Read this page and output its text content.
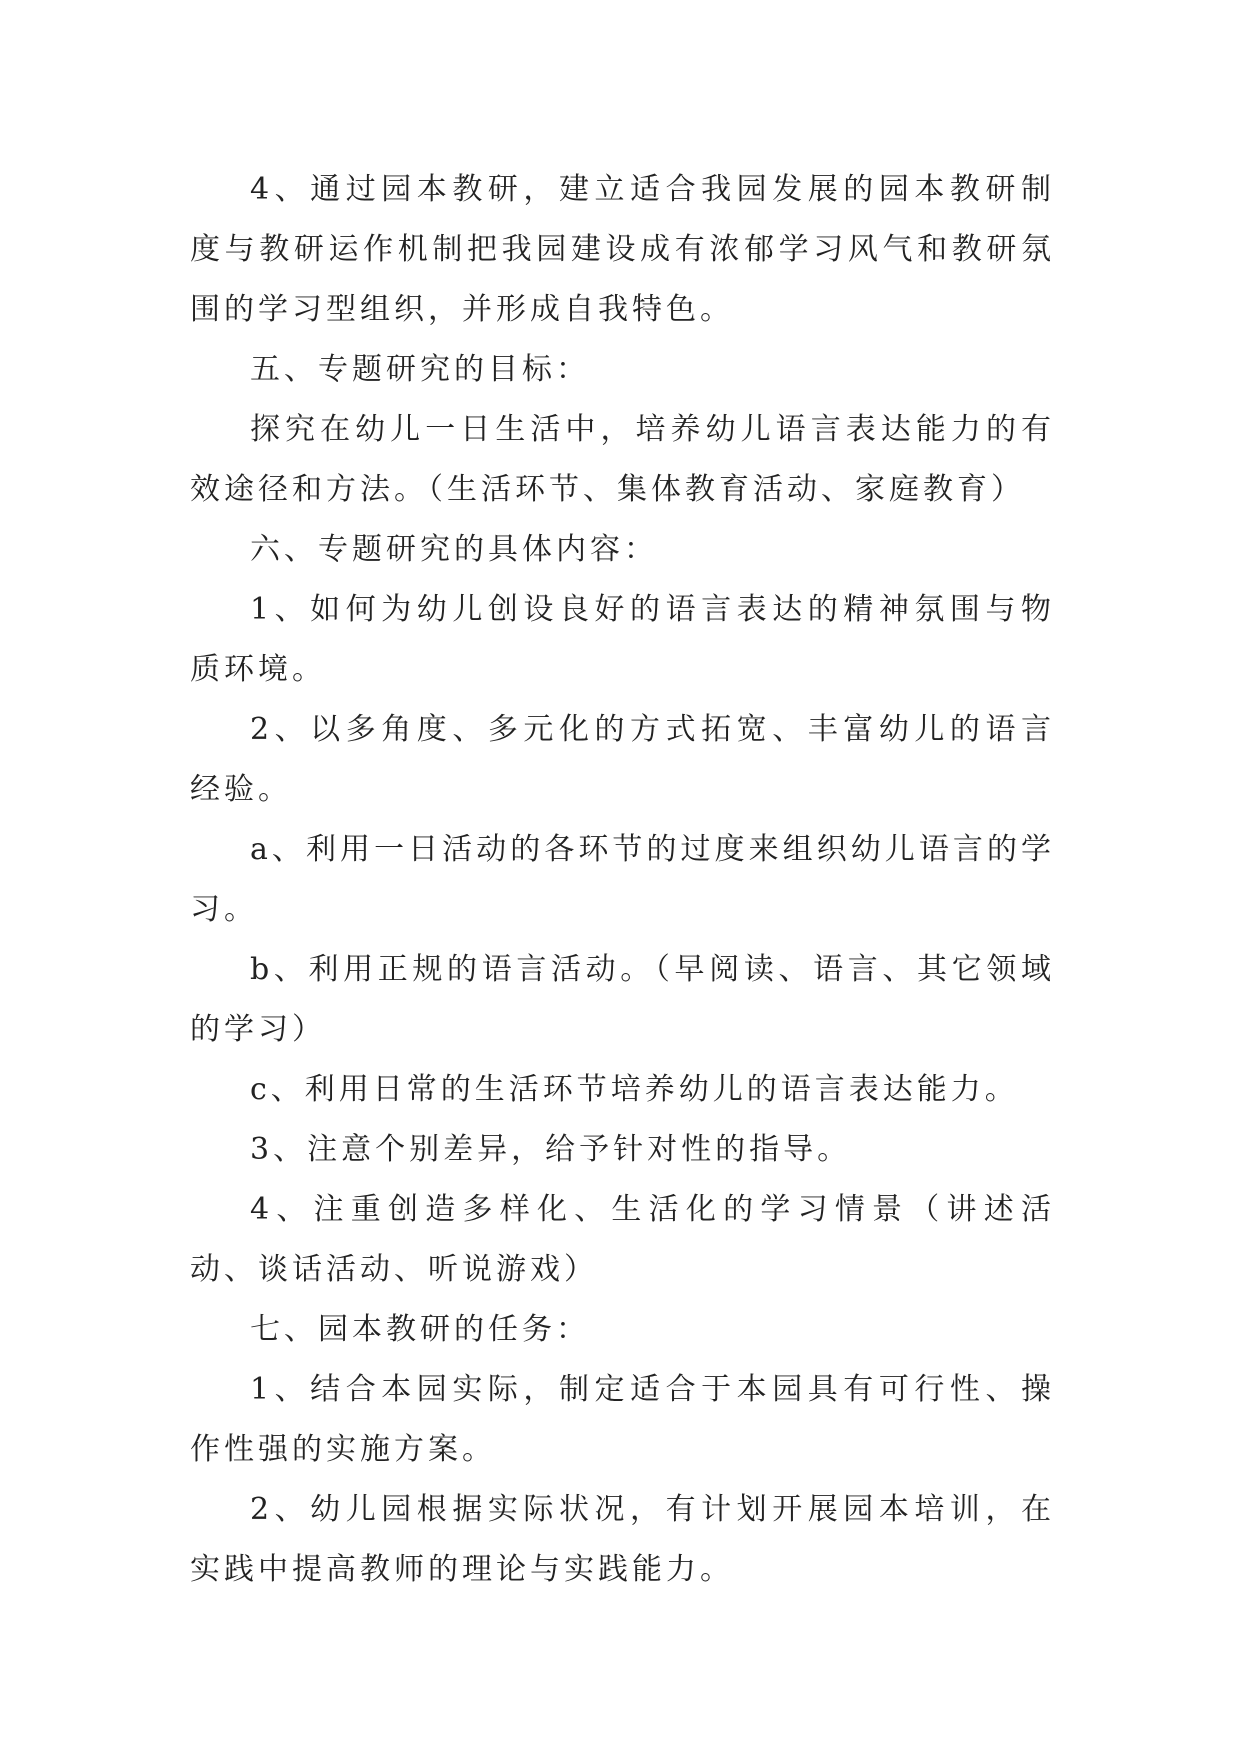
4、通过园本教研，建立适合我园发展的园本教研制度与教研运作机制把我园建设成有浓郁学习风气和教研氛围的学习型组织，并形成自我特色。

五、专题研究的目标：

探究在幼儿一日生活中，培养幼儿语言表达能力的有效途径和方法。（生活环节、集体教育活动、家庭教育）

六、专题研究的具体内容：

1、如何为幼儿创设良好的语言表达的精神氛围与物质环境。

2、以多角度、多元化的方式拓宽、丰富幼儿的语言经验。

a、利用一日活动的各环节的过度来组织幼儿语言的学习。

b、利用正规的语言活动。（早阅读、语言、其它领域的学习）

c、利用日常的生活环节培养幼儿的语言表达能力。

3、注意个别差异，给予针对性的指导。

4、注重创造多样化、生活化的学习情景（讲述活动、谈话活动、听说游戏）

七、园本教研的任务：

1、结合本园实际，制定适合于本园具有可行性、操作性强的实施方案。

2、幼儿园根据实际状况，有计划开展园本培训，在实践中提高教师的理论与实践能力。
